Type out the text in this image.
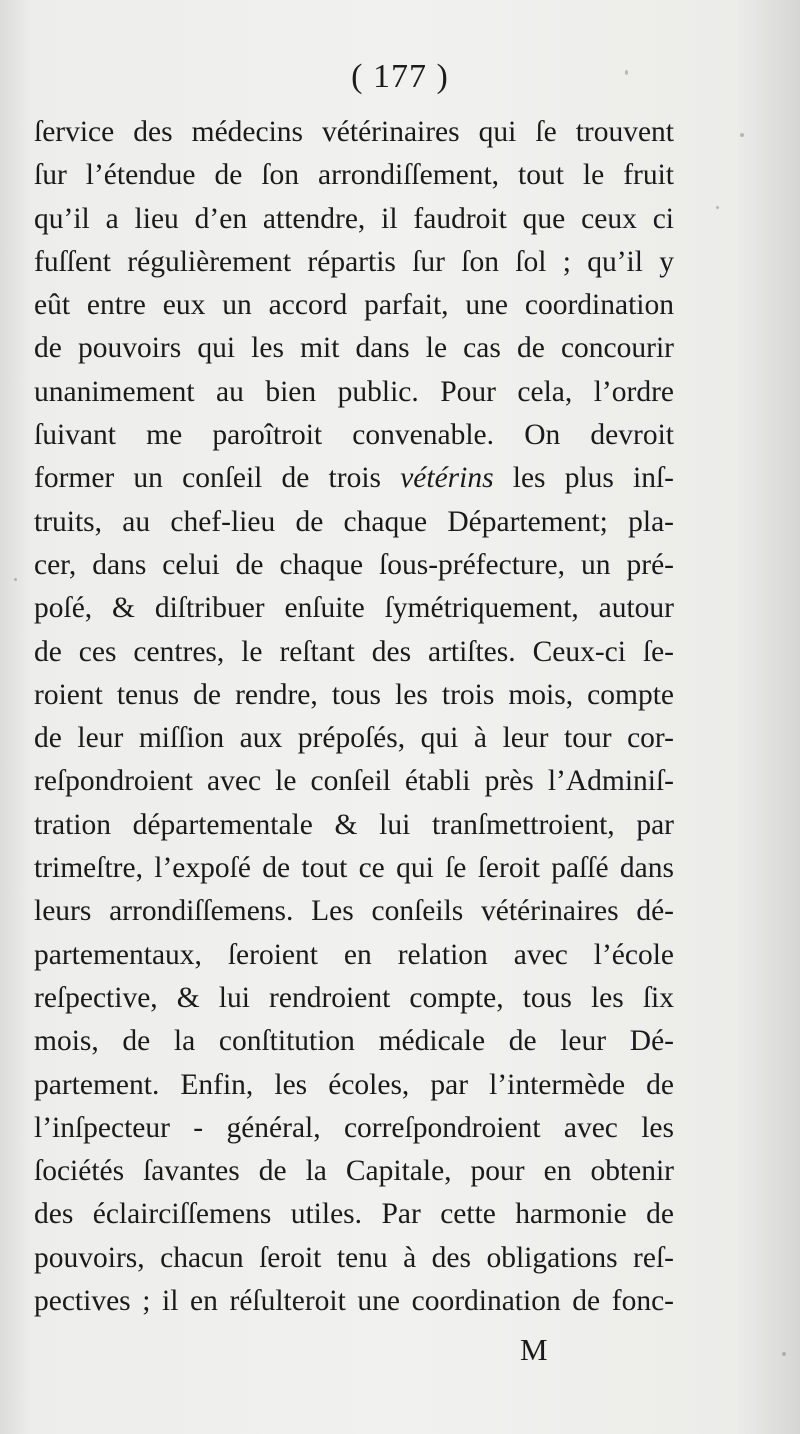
( 177 )
ſervice des médecins vétérinaires qui ſe trouvent
ſur l’étendue de ſon arrondiſſement, tout le fruit
qu’il a lieu d’en attendre, il faudroit que ceux ci
fuſſent régulièrement répartis ſur ſon ſol ; qu’il y
eût entre eux un accord parfait, une coordination
de pouvoirs qui les mit dans le cas de concourir
unanimement au bien public. Pour cela, l’ordre
ſuivant me paroîtroit convenable. On devroit
former un conſeil de trois vétérins les plus inſ-
truits, au chef-lieu de chaque Département; pla-
cer, dans celui de chaque ſous-préfecture, un pré-
poſé, & diſtribuer enſuite ſymétriquement, autour
de ces centres, le reſtant des artiſtes. Ceux-ci ſe-
roient tenus de rendre, tous les trois mois, compte
de leur miſſion aux prépoſés, qui à leur tour cor-
reſpondroient avec le conſeil établi près l’Adminiſ-
tration départementale & lui tranſmettroient, par
trimeſtre, l’expoſé de tout ce qui ſe ſeroit paſſé dans
leurs arrondiſſemens. Les conſeils vétérinaires dé-
partementaux, ſeroient en relation avec l’école
reſpective, & lui rendroient compte, tous les ſix
mois, de la conſtitution médicale de leur Dé-
partement. Enfin, les écoles, par l’intermède de
l’inſpecteur - général, correſpondroient avec les
ſociétés ſavantes de la Capitale, pour en obtenir
des éclairciſſemens utiles. Par cette harmonie de
pouvoirs, chacun ſeroit tenu à des obligations reſ-
pectives ; il en réſulteroit une coordination de fonc-
M
